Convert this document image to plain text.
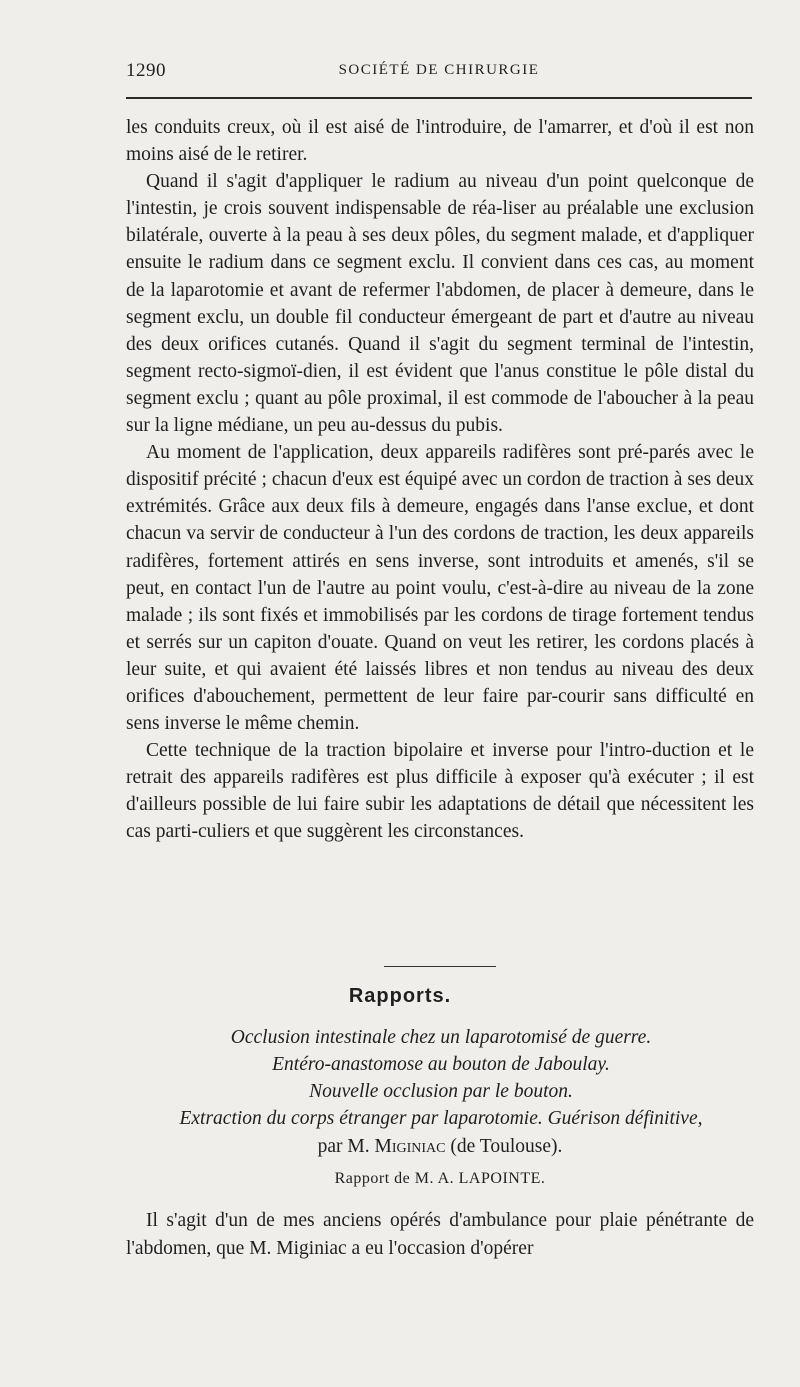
1290	SOCIÉTÉ DE CHIRURGIE

les conduits creux, où il est aisé de l'introduire, de l'amarrer, et d'où il est non moins aisé de le retirer.

Quand il s'agit d'appliquer le radium au niveau d'un point quelconque de l'intestin, je crois souvent indispensable de réa-liser au préalable une exclusion bilatérale, ouverte à la peau à ses deux pôles, du segment malade, et d'appliquer ensuite le radium dans ce segment exclu. Il convient dans ces cas, au moment de la laparotomie et avant de refermer l'abdomen, de placer à demeure, dans le segment exclu, un double fil conducteur émergeant de part et d'autre au niveau des deux orifices cutanés. Quand il s'agit du segment terminal de l'intestin, segment recto-sigmoï-dien, il est évident que l'anus constitue le pôle distal du segment exclu ; quant au pôle proximal, il est commode de l'aboucher à la peau sur la ligne médiane, un peu au-dessus du pubis.

Au moment de l'application, deux appareils radifères sont pré-parés avec le dispositif précité ; chacun d'eux est équipé avec un cordon de traction à ses deux extrémités. Grâce aux deux fils à demeure, engagés dans l'anse exclue, et dont chacun va servir de conducteur à l'un des cordons de traction, les deux appareils radifères, fortement attirés en sens inverse, sont introduits et amenés, s'il se peut, en contact l'un de l'autre au point voulu, c'est-à-dire au niveau de la zone malade ; ils sont fixés et immobilisés par les cordons de tirage fortement tendus et serrés sur un capiton d'ouate. Quand on veut les retirer, les cordons placés à leur suite, et qui avaient été laissés libres et non tendus au niveau des deux orifices d'abouchement, permettent de leur faire par-courir sans difficulté en sens inverse le même chemin.

Cette technique de la traction bipolaire et inverse pour l'intro-duction et le retrait des appareils radifères est plus difficile à exposer qu'à exécuter ; il est d'ailleurs possible de lui faire subir les adaptations de détail que nécessitent les cas parti-culiers et que suggèrent les circonstances.

Rapports.
Occlusion intestinale chez un laparotomisé de guerre.
Entéro-anastomose au bouton de Jaboulay.
Nouvelle occlusion par le bouton.
Extraction du corps étranger par laparotomie. Guérison définitive,
par M. Miginiac (de Toulouse).
Rapport de M. A. LAPOINTE.

Il s'agit d'un de mes anciens opérés d'ambulance pour plaie pénétrante de l'abdomen, que M. Miginiac a eu l'occasion d'opérer
